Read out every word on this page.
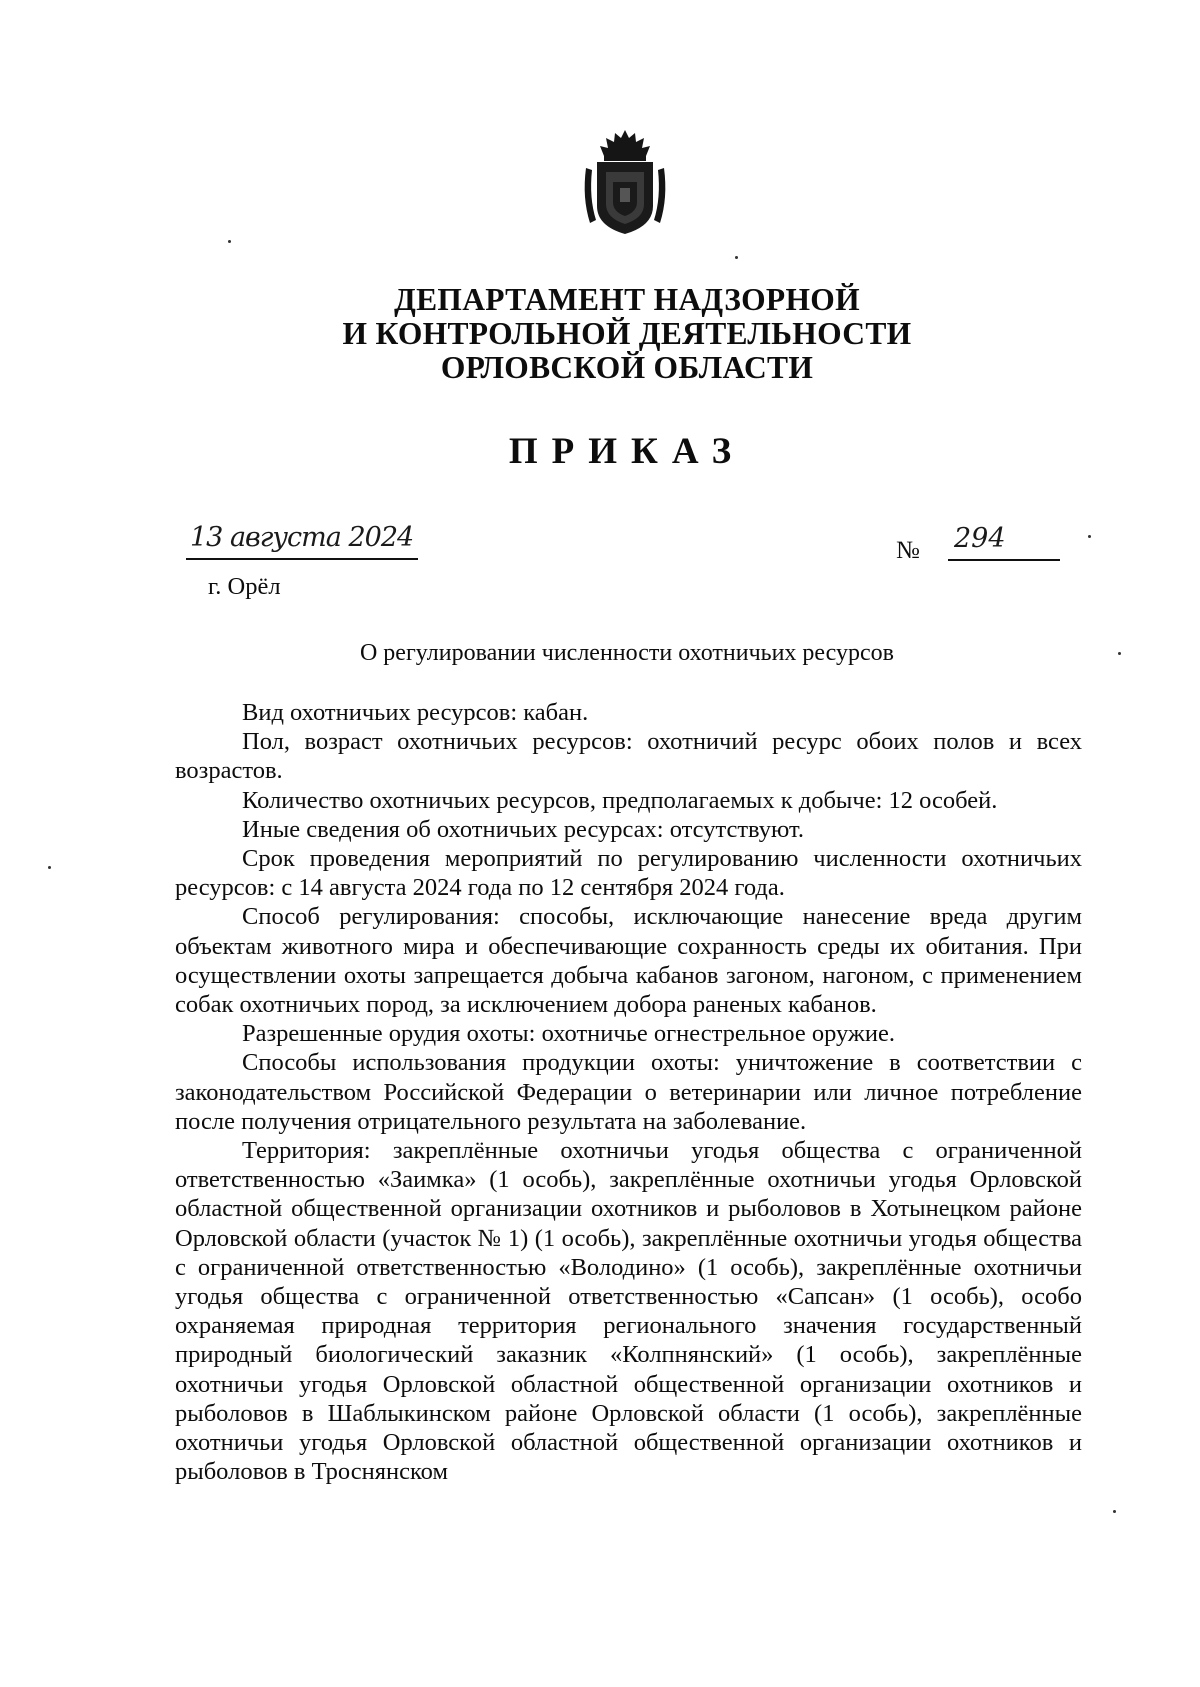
ДЕПАРТАМЕНТ НАДЗОРНОЙ
И КОНТРОЛЬНОЙ ДЕЯТЕЛЬНОСТИ
ОРЛОВСКОЙ ОБЛАСТИ
ПРИКАЗ
13 августа 2024	№ 294
г. Орёл
О регулировании численности охотничьих ресурсов

Вид охотничьих ресурсов: кабан.

Пол, возраст охотничьих ресурсов: охотничий ресурс обоих полов и всех возрастов.

Количество охотничьих ресурсов, предполагаемых к добыче: 12 особей.

Иные сведения об охотничьих ресурсах: отсутствуют.

Срок проведения мероприятий по регулированию численности охотничьих ресурсов: с 14 августа 2024 года по 12 сентября 2024 года.

Способ регулирования: способы, исключающие нанесение вреда другим объектам животного мира и обеспечивающие сохранность среды их обитания. При осуществлении охоты запрещается добыча кабанов загоном, нагоном, с применением собак охотничьих пород, за исключением добора раненых кабанов.

Разрешенные орудия охоты: охотничье огнестрельное оружие.

Способы использования продукции охоты: уничтожение в соответствии с законодательством Российской Федерации о ветеринарии или личное потребление после получения отрицательного результата на заболевание.

Территория: закреплённые охотничьи угодья общества с ограниченной ответственностью «Заимка» (1 особь), закреплённые охотничьи угодья Орловской областной общественной организации охотников и рыболовов в Хотынецком районе Орловской области (участок № 1) (1 особь), закреплённые охотничьи угодья общества с ограниченной ответственностью «Володино» (1 особь), закреплённые охотничьи угодья общества с ограниченной ответственностью «Сапсан» (1 особь), особо охраняемая природная территория регионального значения государственный природный биологический заказник «Колпнянский» (1 особь), закреплённые охотничьи угодья Орловской областной общественной организации охотников и рыболовов в Шаблыкинском районе Орловской области (1 особь), закреплённые охотничьи угодья Орловской областной общественной организации охотников и рыболовов в Троснянском
